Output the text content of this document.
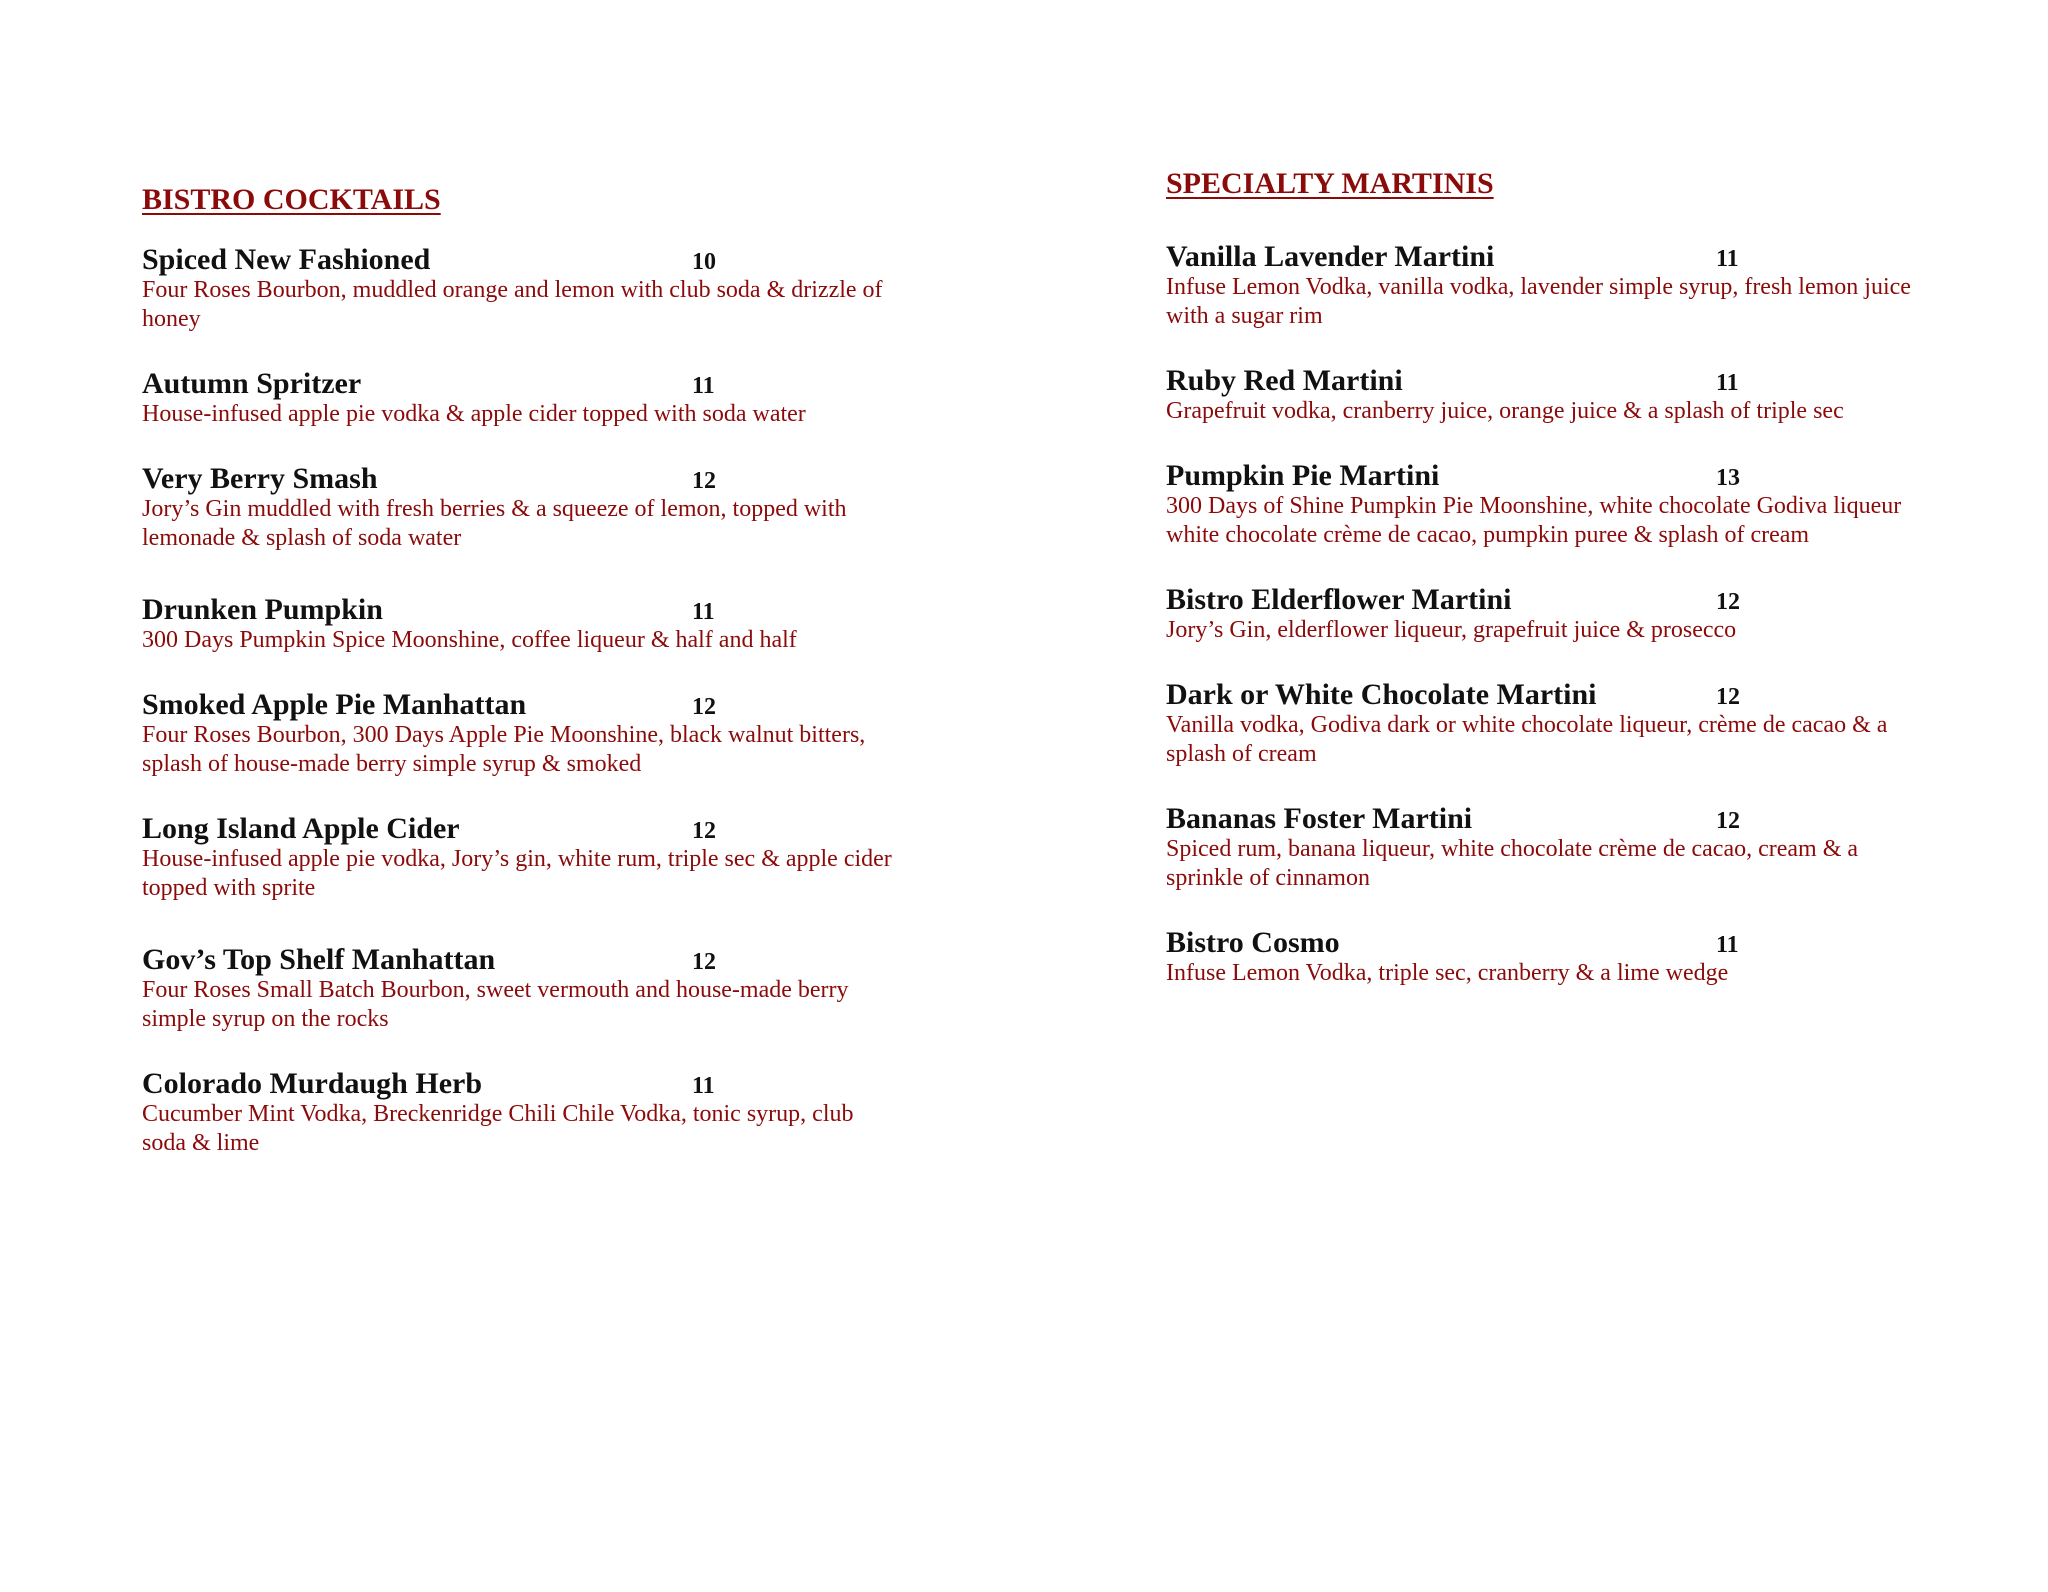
BISTRO COCKTAILS
Spiced New Fashioned	10
Four Roses Bourbon, muddled orange and lemon with club soda & drizzle of
honey
Autumn Spritzer	11
House-infused apple pie vodka & apple cider topped with soda water
Very Berry Smash	12
Jory’s Gin muddled with fresh berries & a squeeze of lemon, topped with
lemonade & splash of soda water
Drunken Pumpkin	11
300 Days Pumpkin Spice Moonshine, coffee liqueur & half and half
Smoked Apple Pie Manhattan	12
Four Roses Bourbon, 300 Days Apple Pie Moonshine, black walnut bitters,
splash of house-made berry simple syrup & smoked
Long Island Apple Cider	12
House-infused apple pie vodka, Jory’s gin, white rum, triple sec & apple cider
topped with sprite
Gov’s Top Shelf Manhattan	12
Four Roses Small Batch Bourbon, sweet vermouth and house-made berry
simple syrup on the rocks
Colorado Murdaugh Herb	11
Cucumber Mint Vodka, Breckenridge Chili Chile Vodka, tonic syrup, club
soda & lime
SPECIALTY MARTINIS
Vanilla Lavender Martini	11
Infuse Lemon Vodka, vanilla vodka, lavender simple syrup, fresh lemon juice
with a sugar rim
Ruby Red Martini	11
Grapefruit vodka, cranberry juice, orange juice & a splash of triple sec
Pumpkin Pie Martini	13
300 Days of Shine Pumpkin Pie Moonshine, white chocolate Godiva liqueur
white chocolate crème de cacao, pumpkin puree & splash of cream
Bistro Elderflower Martini	12
Jory’s Gin, elderflower liqueur, grapefruit juice & prosecco
Dark or White Chocolate Martini	12
Vanilla vodka, Godiva dark or white chocolate liqueur, crème de cacao & a
splash of cream
Bananas Foster Martini	12
Spiced rum, banana liqueur, white chocolate crème de cacao, cream & a
sprinkle of cinnamon
Bistro Cosmo	11
Infuse Lemon Vodka, triple sec, cranberry & a lime wedge
